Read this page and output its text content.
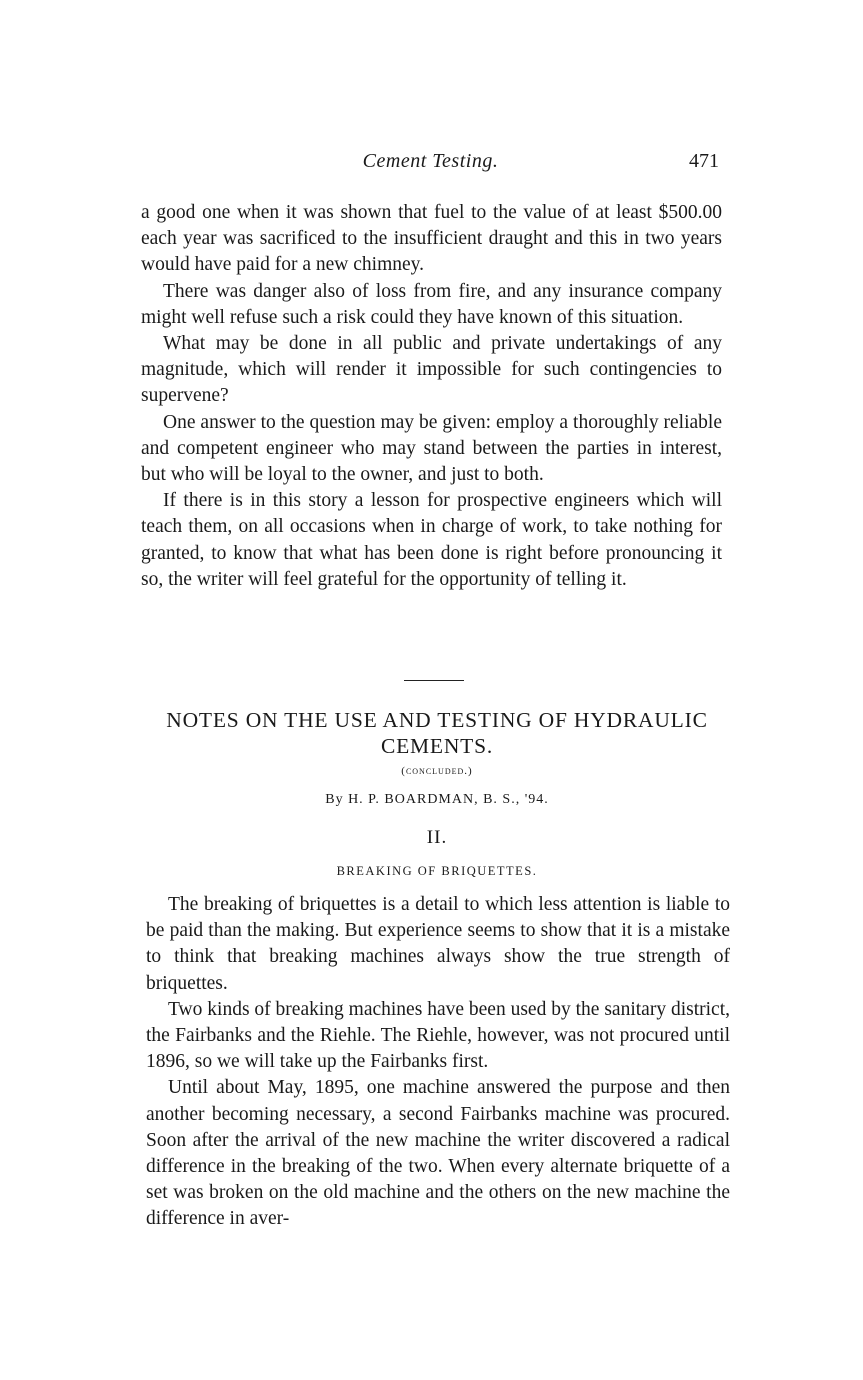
Cement Testing.	471

a good one when it was shown that fuel to the value of at least $500.00 each year was sacrificed to the insufficient draught and this in two years would have paid for a new chimney.

There was danger also of loss from fire, and any insurance company might well refuse such a risk could they have known of this situation.

What may be done in all public and private undertakings of any magnitude, which will render it impossible for such contingencies to supervene?

One answer to the question may be given: employ a thoroughly reliable and competent engineer who may stand between the parties in interest, but who will be loyal to the owner, and just to both.

If there is in this story a lesson for prospective engineers which will teach them, on all occasions when in charge of work, to take nothing for granted, to know that what has been done is right before pronouncing it so, the writer will feel grateful for the opportunity of telling it.

NOTES ON THE USE AND TESTING OF HYDRAULIC CEMENTS.
(concluded.)
By H. P. BOARDMAN, B. S., '94.
II.
BREAKING OF BRIQUETTES.

The breaking of briquettes is a detail to which less attention is liable to be paid than the making. But experience seems to show that it is a mistake to think that breaking machines always show the true strength of briquettes.

Two kinds of breaking machines have been used by the sanitary district, the Fairbanks and the Riehle. The Riehle, however, was not procured until 1896, so we will take up the Fairbanks first.

Until about May, 1895, one machine answered the purpose and then another becoming necessary, a second Fairbanks machine was procured. Soon after the arrival of the new machine the writer discovered a radical difference in the breaking of the two. When every alternate briquette of a set was broken on the old machine and the others on the new machine the difference in aver-
